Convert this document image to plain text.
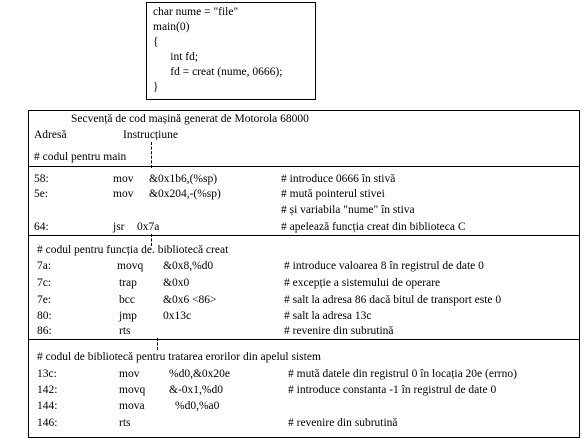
char nume = "file"
main(0)
{
int fd;
fd = creat (nume, 0666);
}
Secvență de cod mașină generat de Motorola 68000
Adresă	Instrucțiune
# codul pentru main
58:	mov &0x1b6,(%sp)	# introduce 0666 în stivă
5e:	mov &0x204,-(%sp)	# mută pointerul stivei
# și variabila "nume" în stiva
64:	jsr 0x7a	# apelează funcția creat din biblioteca C
# codul pentru funcția de. bibliotecă creat
7a:	movq &0x8,%d0	# introduce valoarea 8 în registrul de date 0
7c:	trap &0x0	# excepție a sistemului de operare
7e:	bcc &0x6 <86>	# salt la adresa 86 dacă bitul de transport este 0
80:	jmp 0x13c	# salt la adresa 13c
86:	rts	# revenire din subrutină
# codul de bibliotecă pentru tratarea erorilor din apelul sistem
13c:	mov	%d0,&0x20e	# mută datele din registrul 0 în locația 20e (errno)
142:	movq &-0x1,%d0	# introduce constanta -1 în registrul de date 0
144:	mova	%d0,%a0
146:	rts	# revenire din subrutină
